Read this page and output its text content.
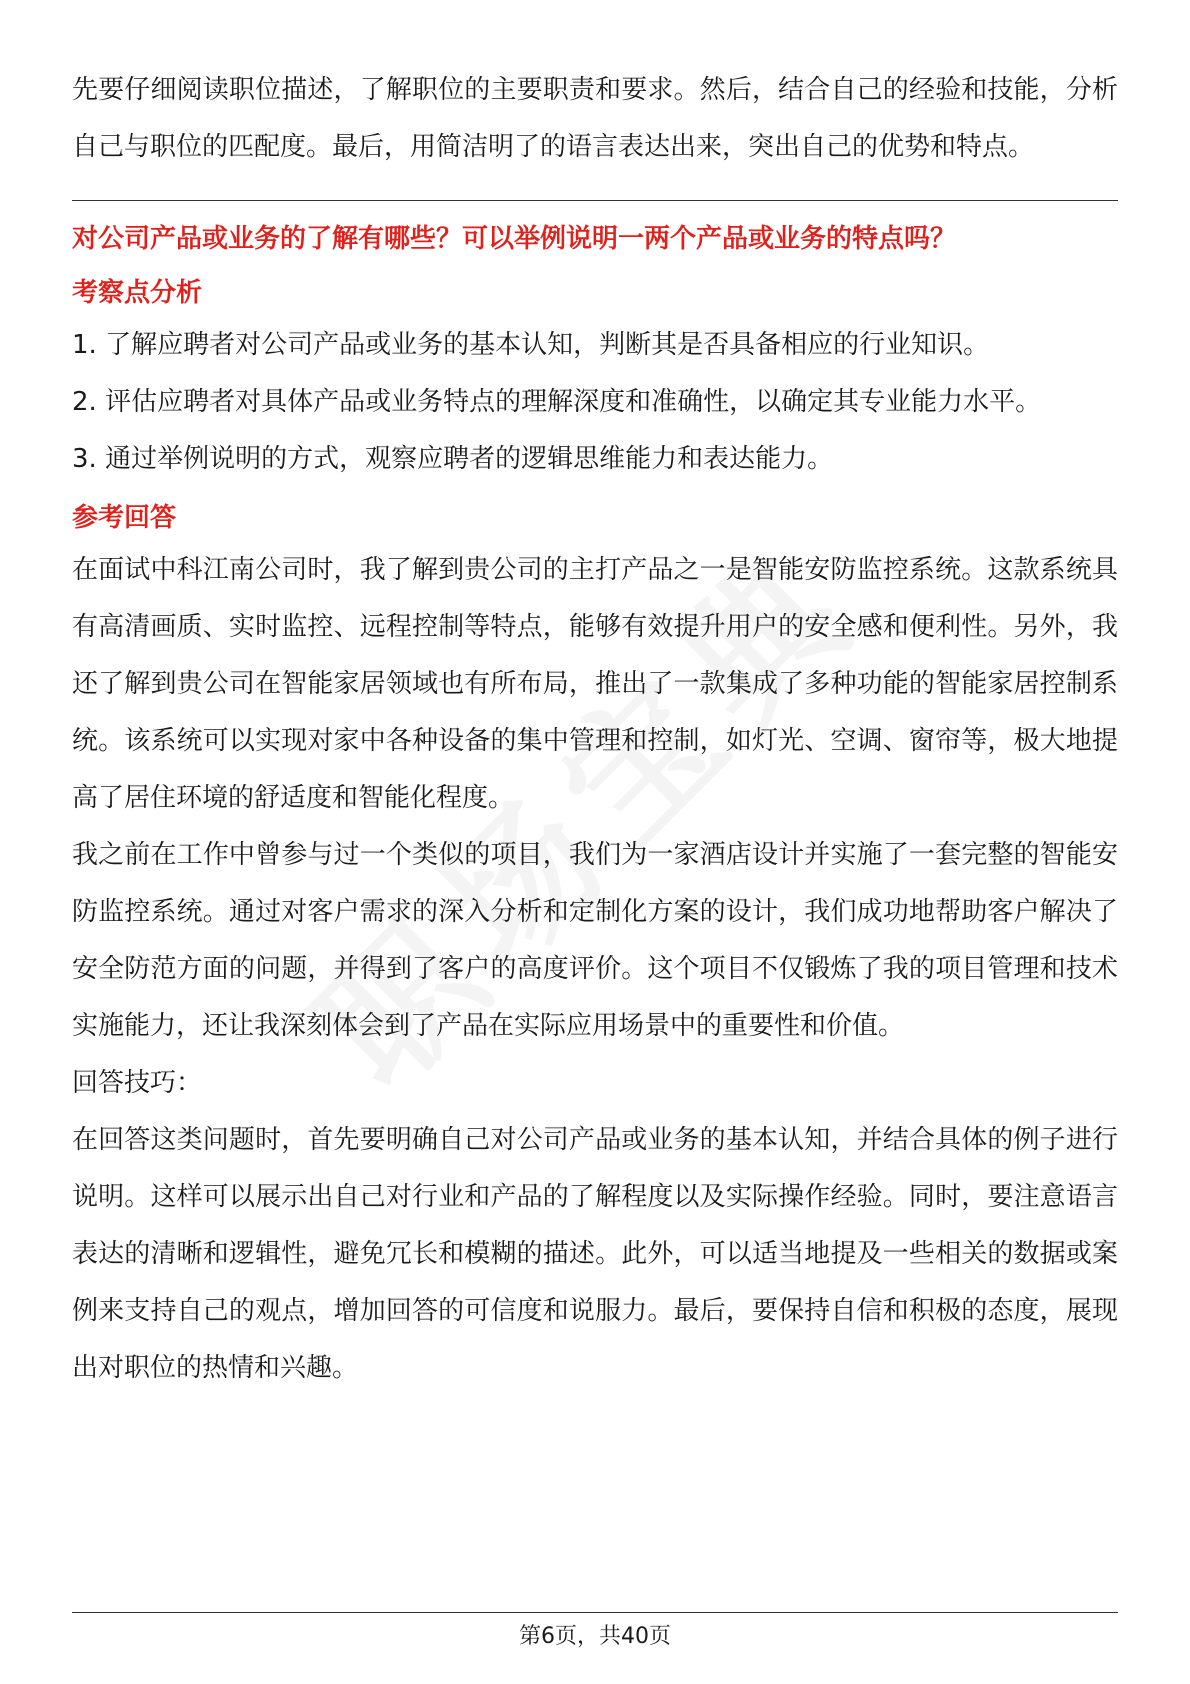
先要仔细阅读职位描述，了解职位的主要职责和要求。然后，结合自己的经验和技能，分析自己与职位的匹配度。最后，用简洁明了的语言表达出来，突出自己的优势和特点。

对公司产品或业务的了解有哪些？可以举例说明一两个产品或业务的特点吗？

考察点分析

1. 了解应聘者对公司产品或业务的基本认知，判断其是否具备相应的行业知识。

2. 评估应聘者对具体产品或业务特点的理解深度和准确性，以确定其专业能力水平。

3. 通过举例说明的方式，观察应聘者的逻辑思维能力和表达能力。

参考回答

在面试中科江南公司时，我了解到贵公司的主打产品之一是智能安防监控系统。这款系统具有高清画质、实时监控、远程控制等特点，能够有效提升用户的安全感和便利性。另外，我还了解到贵公司在智能家居领域也有所布局，推出了一款集成了多种功能的智能家居控制系统。该系统可以实现对家中各种设备的集中管理和控制，如灯光、空调、窗帘等，极大地提高了居住环境的舒适度和智能化程度。

我之前在工作中曾参与过一个类似的项目，我们为一家酒店设计并实施了一套完整的智能安防监控系统。通过对客户需求的深入分析和定制化方案的设计，我们成功地帮助客户解决了安全防范方面的问题，并得到了客户的高度评价。这个项目不仅锻炼了我的项目管理和技术实施能力，还让我深刻体会到了产品在实际应用场景中的重要性和价值。

回答技巧：

在回答这类问题时，首先要明确自己对公司产品或业务的基本认知，并结合具体的例子进行说明。这样可以展示出自己对行业和产品的了解程度以及实际操作经验。同时，要注意语言表达的清晰和逻辑性，避免冗长和模糊的描述。此外，可以适当地提及一些相关的数据或案例来支持自己的观点，增加回答的可信度和说服力。最后，要保持自信和积极的态度，展现出对职位的热情和兴趣。

第6页，共40页
